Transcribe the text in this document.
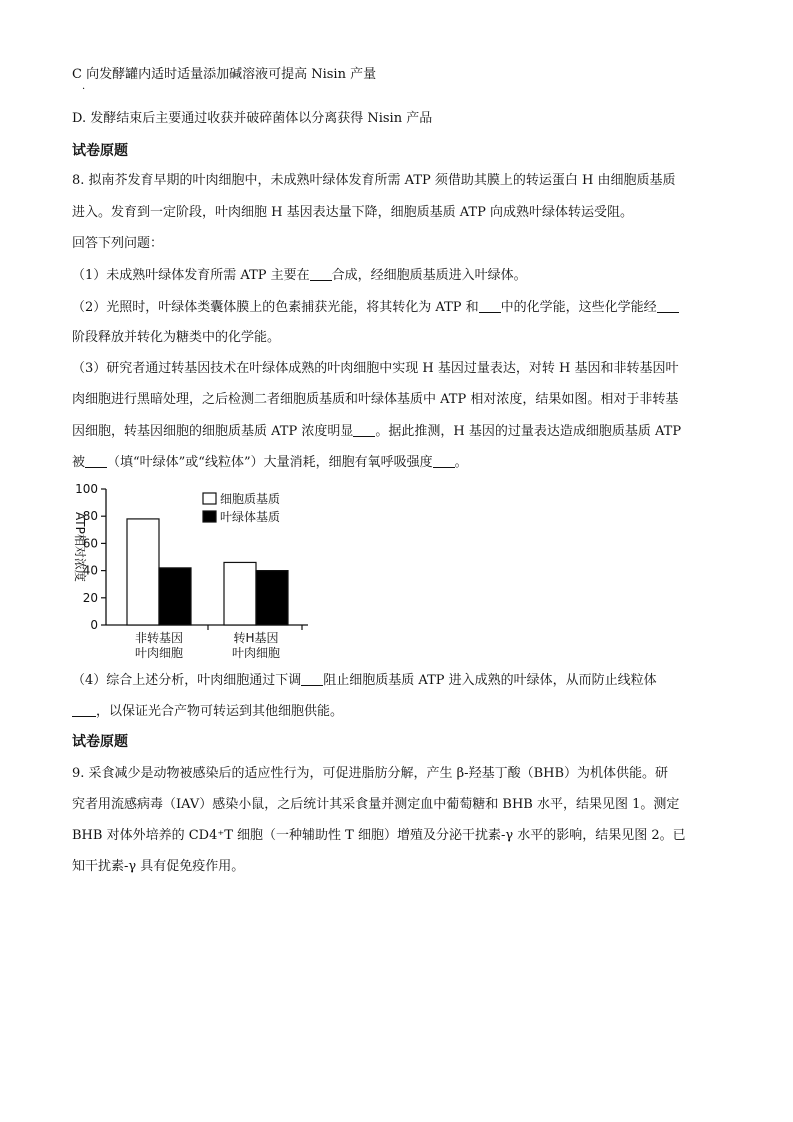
C 向发酵罐内适时适量添加碱溶液可提高 Nisin 产量
·
D. 发酵结束后主要通过收获并破碎菌体以分离获得 Nisin 产品
试卷原题
8. 拟南芥发育早期的叶肉细胞中，未成熟叶绿体发育所需 ATP 须借助其膜上的转运蛋白 H 由细胞质基质
进入。发育到一定阶段，叶肉细胞 H 基因表达量下降，细胞质基质 ATP 向成熟叶绿体转运受阻。
回答下列问题：
（1）未成熟叶绿体发育所需 ATP 主要在 合成，经细胞质基质进入叶绿体。
（2）光照时，叶绿体类囊体膜上的色素捕获光能，将其转化为 ATP 和 中的化学能，这些化学能经
阶段释放并转化为糖类中的化学能。
（3）研究者通过转基因技术在叶绿体成熟的叶肉细胞中实现 H 基因过量表达，对转 H 基因和非转基因叶
肉细胞进行黑暗处理，之后检测二者细胞质基质和叶绿体基质中 ATP 相对浓度，结果如图。相对于非转基
因细胞，转基因细胞的细胞质基质 ATP 浓度明显 。据此推测，H 基因的过量表达造成细胞质基质 ATP
被 （填“叶绿体”或“线粒体”）大量消耗，细胞有氧呼吸强度 。
ATP相对浓度
0
20
40
60
80
100
非转基因
叶肉细胞
转H基因
叶肉细胞
细胞质基质
叶绿体基质
（4）综合上述分析，叶肉细胞通过下调 阻止细胞质基质 ATP 进入成熟的叶绿体，从而防止线粒体
，以保证光合产物可转运到其他细胞供能。
试卷原题
9. 采食减少是动物被感染后的适应性行为，可促进脂肪分解，产生 β-羟基丁酸（BHB）为机体供能。研
究者用流感病毒（IAV）感染小鼠，之后统计其采食量并测定血中葡萄糖和 BHB 水平，结果见图 1。测定
BHB 对体外培养的 CD4⁺T 细胞（一种辅助性 T 细胞）增殖及分泌干扰素-γ 水平的影响，结果见图 2。已
知干扰素-γ 具有促免疫作用。
